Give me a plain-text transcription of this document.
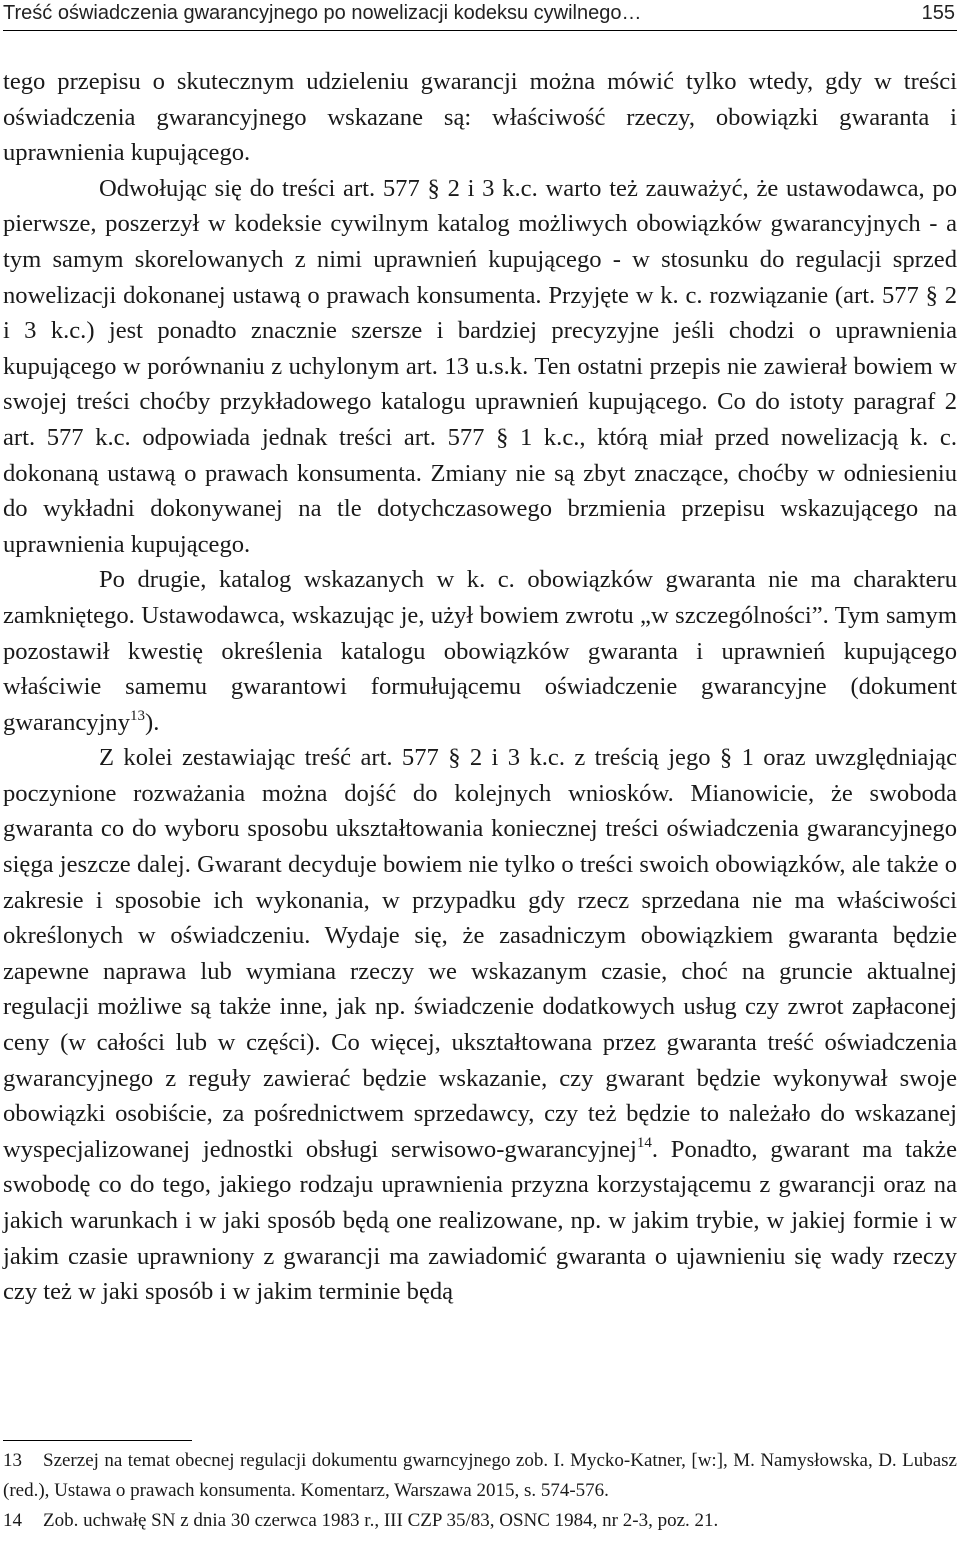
Treść oświadczenia gwarancyjnego po nowelizacji kodeksu cywilnego…	155

tego przepisu o skutecznym udzieleniu gwarancji można mówić tylko wtedy, gdy w treści oświadczenia gwarancyjnego wskazane są: właściwość rzeczy, obowiązki gwaranta i uprawnienia kupującego.

Odwołując się do treści art. 577 § 2 i 3 k.c. warto też zauważyć, że ustawodawca, po pierwsze, poszerzył w kodeksie cywilnym katalog możliwych obowiązków gwarancyjnych - a tym samym skorelowanych z nimi uprawnień kupującego - w stosunku do regulacji sprzed nowelizacji dokonanej ustawą o prawach konsumenta. Przyjęte w k. c. rozwiązanie (art. 577 § 2 i 3 k.c.) jest ponadto znacznie szersze i bardziej precyzyjne jeśli chodzi o uprawnienia kupującego w porównaniu z uchylonym art. 13 u.s.k. Ten ostatni przepis nie zawierał bowiem w swojej treści choćby przykładowego katalogu uprawnień kupującego. Co do istoty paragraf 2 art. 577 k.c. odpowiada jednak treści art. 577 § 1 k.c., którą miał przed nowelizacją k. c. dokonaną ustawą o prawach konsumenta. Zmiany nie są zbyt znaczące, choćby w odniesieniu do wykładni dokonywanej na tle dotychczasowego brzmienia przepisu wskazującego na uprawnienia kupującego.

Po drugie, katalog wskazanych w k. c. obowiązków gwaranta nie ma charakteru zamkniętego. Ustawodawca, wskazując je, użył bowiem zwrotu „w szczególności”. Tym samym pozostawił kwestię określenia katalogu obowiązków gwaranta i uprawnień kupującego właściwie samemu gwarantowi formułującemu oświadczenie gwarancyjne (dokument gwarancyjny$^{13}$).

Z kolei zestawiając treść art. 577 § 2 i 3 k.c. z treścią jego § 1 oraz uwzględniając poczynione rozważania można dojść do kolejnych wniosków. Mianowicie, że swoboda gwaranta co do wyboru sposobu ukształtowania koniecznej treści oświadczenia gwarancyjnego sięga jeszcze dalej. Gwarant decyduje bowiem nie tylko o treści swoich obowiązków, ale także o zakresie i sposobie ich wykonania, w przypadku gdy rzecz sprzedana nie ma właściwości określonych w oświadczeniu. Wydaje się, że zasadniczym obowiązkiem gwaranta będzie zapewne naprawa lub wymiana rzeczy we wskazanym czasie, choć na gruncie aktualnej regulacji możliwe są także inne, jak np. świadczenie dodatkowych usług czy zwrot zapłaconej ceny (w całości lub w części). Co więcej, ukształtowana przez gwaranta treść oświadczenia gwarancyjnego z reguły zawierać będzie wskazanie, czy gwarant będzie wykonywał swoje obowiązki osobiście, za pośrednictwem sprzedawcy, czy też będzie to należało do wskazanej wyspecjalizowanej jednostki obsługi serwisowo-gwarancyjnej$^{14}$. Ponadto, gwarant ma także swobodę co do tego, jakiego rodzaju uprawnienia przyzna korzystającemu z gwarancji oraz na jakich warunkach i w jaki sposób będą one realizowane, np. w jakim trybie, w jakiej formie i w jakim czasie uprawniony z gwarancji ma zawiadomić gwaranta o ujawnieniu się wady rzeczy czy też w jaki sposób i w jakim terminie będą

13 Szerzej na temat obecnej regulacji dokumentu gwarncyjnego zob. I. Mycko-Katner, [w:], M. Namysłowska, D. Lubasz (red.), Ustawa o prawach konsumenta. Komentarz, Warszawa 2015, s. 574-576.

14 Zob. uchwałę SN z dnia 30 czerwca 1983 r., III CZP 35/83, OSNC 1984, nr 2-3, poz. 21.
